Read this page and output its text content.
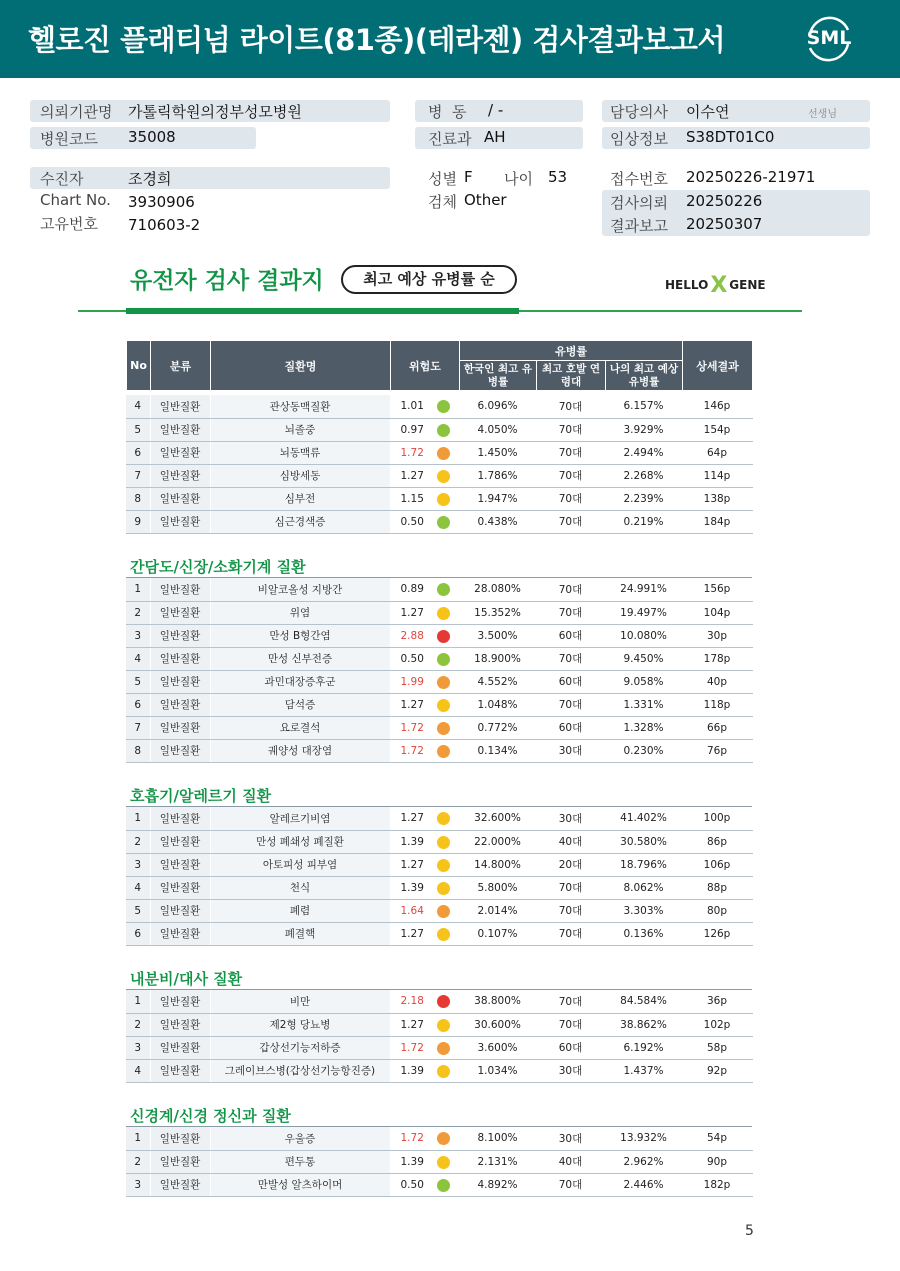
헬로진 플래티넘 라이트(81종)(테라젠) 검사결과보고서	SML
의뢰기관명 가톨릭학원의정부성모병원
병원코드 35008
병  동 / -
진료과 AH
담당의사 이수연	선생님
임상정보 S38DT01C0
수진자	조경희
Chart No. 3930906
고유번호 710603-2
성별 F 나이 53
검체 Other
접수번호 20250226-21971
검사의뢰 20250226
결과보고 20250307
유전자 검사 결과지	최고 예상 유병률 순	HELLOX GENE
No	분류	질환명	위험도	유병률			상세결과
				한국인 최고 유병률	최고 호발 연령대	나의 최고 예상 유병률	
4	일반질환	관상동맥질환	1.01	6.096%	70대	6.157%	146p
5	일반질환	뇌졸중	0.97	4.050%	70대	3.929%	154p
6	일반질환	뇌동맥류	1.72	1.450%	70대	2.494%	64p
7	일반질환	심방세동	1.27	1.786%	70대	2.268%	114p
8	일반질환	심부전	1.15	1.947%	70대	2.239%	138p
9	일반질환	심근경색증	0.50	0.438%	70대	0.219%	184p
간담도/신장/소화기계 질환
1	일반질환	비알코올성 지방간	0.89	28.080%	70대	24.991%	156p
2	일반질환	위염	1.27	15.352%	70대	19.497%	104p
3	일반질환	만성 B형간염	2.88	3.500%	60대	10.080%	30p
4	일반질환	만성 신부전증	0.50	18.900%	70대	9.450%	178p
5	일반질환	과민대장증후군	1.99	4.552%	60대	9.058%	40p
6	일반질환	담석증	1.27	1.048%	70대	1.331%	118p
7	일반질환	요로결석	1.72	0.772%	60대	1.328%	66p
8	일반질환	궤양성 대장염	1.72	0.134%	30대	0.230%	76p
호흡기/알레르기 질환
1	일반질환	알레르기비염	1.27	32.600%	30대	41.402%	100p
2	일반질환	만성 폐쇄성 폐질환	1.39	22.000%	40대	30.580%	86p
3	일반질환	아토피성 피부염	1.27	14.800%	20대	18.796%	106p
4	일반질환	천식	1.39	5.800%	70대	8.062%	88p
5	일반질환	폐렴	1.64	2.014%	70대	3.303%	80p
6	일반질환	폐결핵	1.27	0.107%	70대	0.136%	126p
내분비/대사 질환
1	일반질환	비만	2.18	38.800%	70대	84.584%	36p
2	일반질환	제2형 당뇨병	1.27	30.600%	70대	38.862%	102p
3	일반질환	갑상선기능저하증	1.72	3.600%	60대	6.192%	58p
4	일반질환	그레이브스병(갑상선기능항진증)	1.39	1.034%	30대	1.437%	92p
신경계/신경 정신과 질환
1	일반질환	우울증	1.72	8.100%	30대	13.932%	54p
2	일반질환	편두통	1.39	2.131%	40대	2.962%	90p
3	일반질환	만발성 알츠하이머	0.50	4.892%	70대	2.446%	182p
5
